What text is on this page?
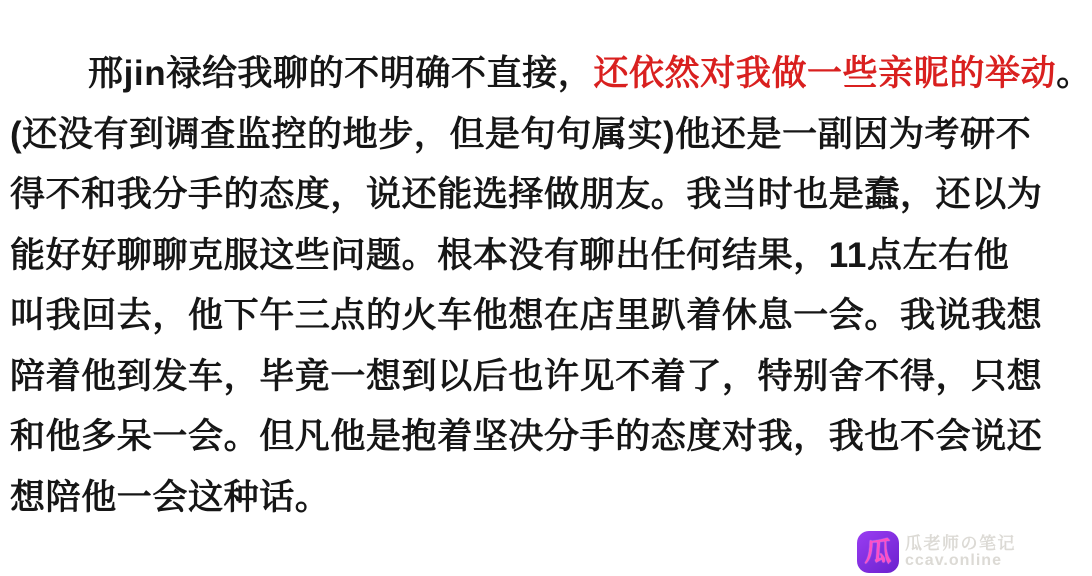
邢jin禄给我聊的不明确不直接，还依然对我做一些亲昵的举动。
(还没有到调查监控的地步，但是句句属实)他还是一副因为考研不
得不和我分手的态度，说还能选择做朋友。我当时也是蠢，还以为
能好好聊聊克服这些问题。根本没有聊出任何结果，11点左右他
叫我回去，他下午三点的火车他想在店里趴着休息一会。我说我想
陪着他到发车，毕竟一想到以后也许见不着了，特别舍不得，只想
和他多呆一会。但凡他是抱着坚决分手的态度对我，我也不会说还
想陪他一会这种话。
瓜 瓜老师の笔记
ccav.online
